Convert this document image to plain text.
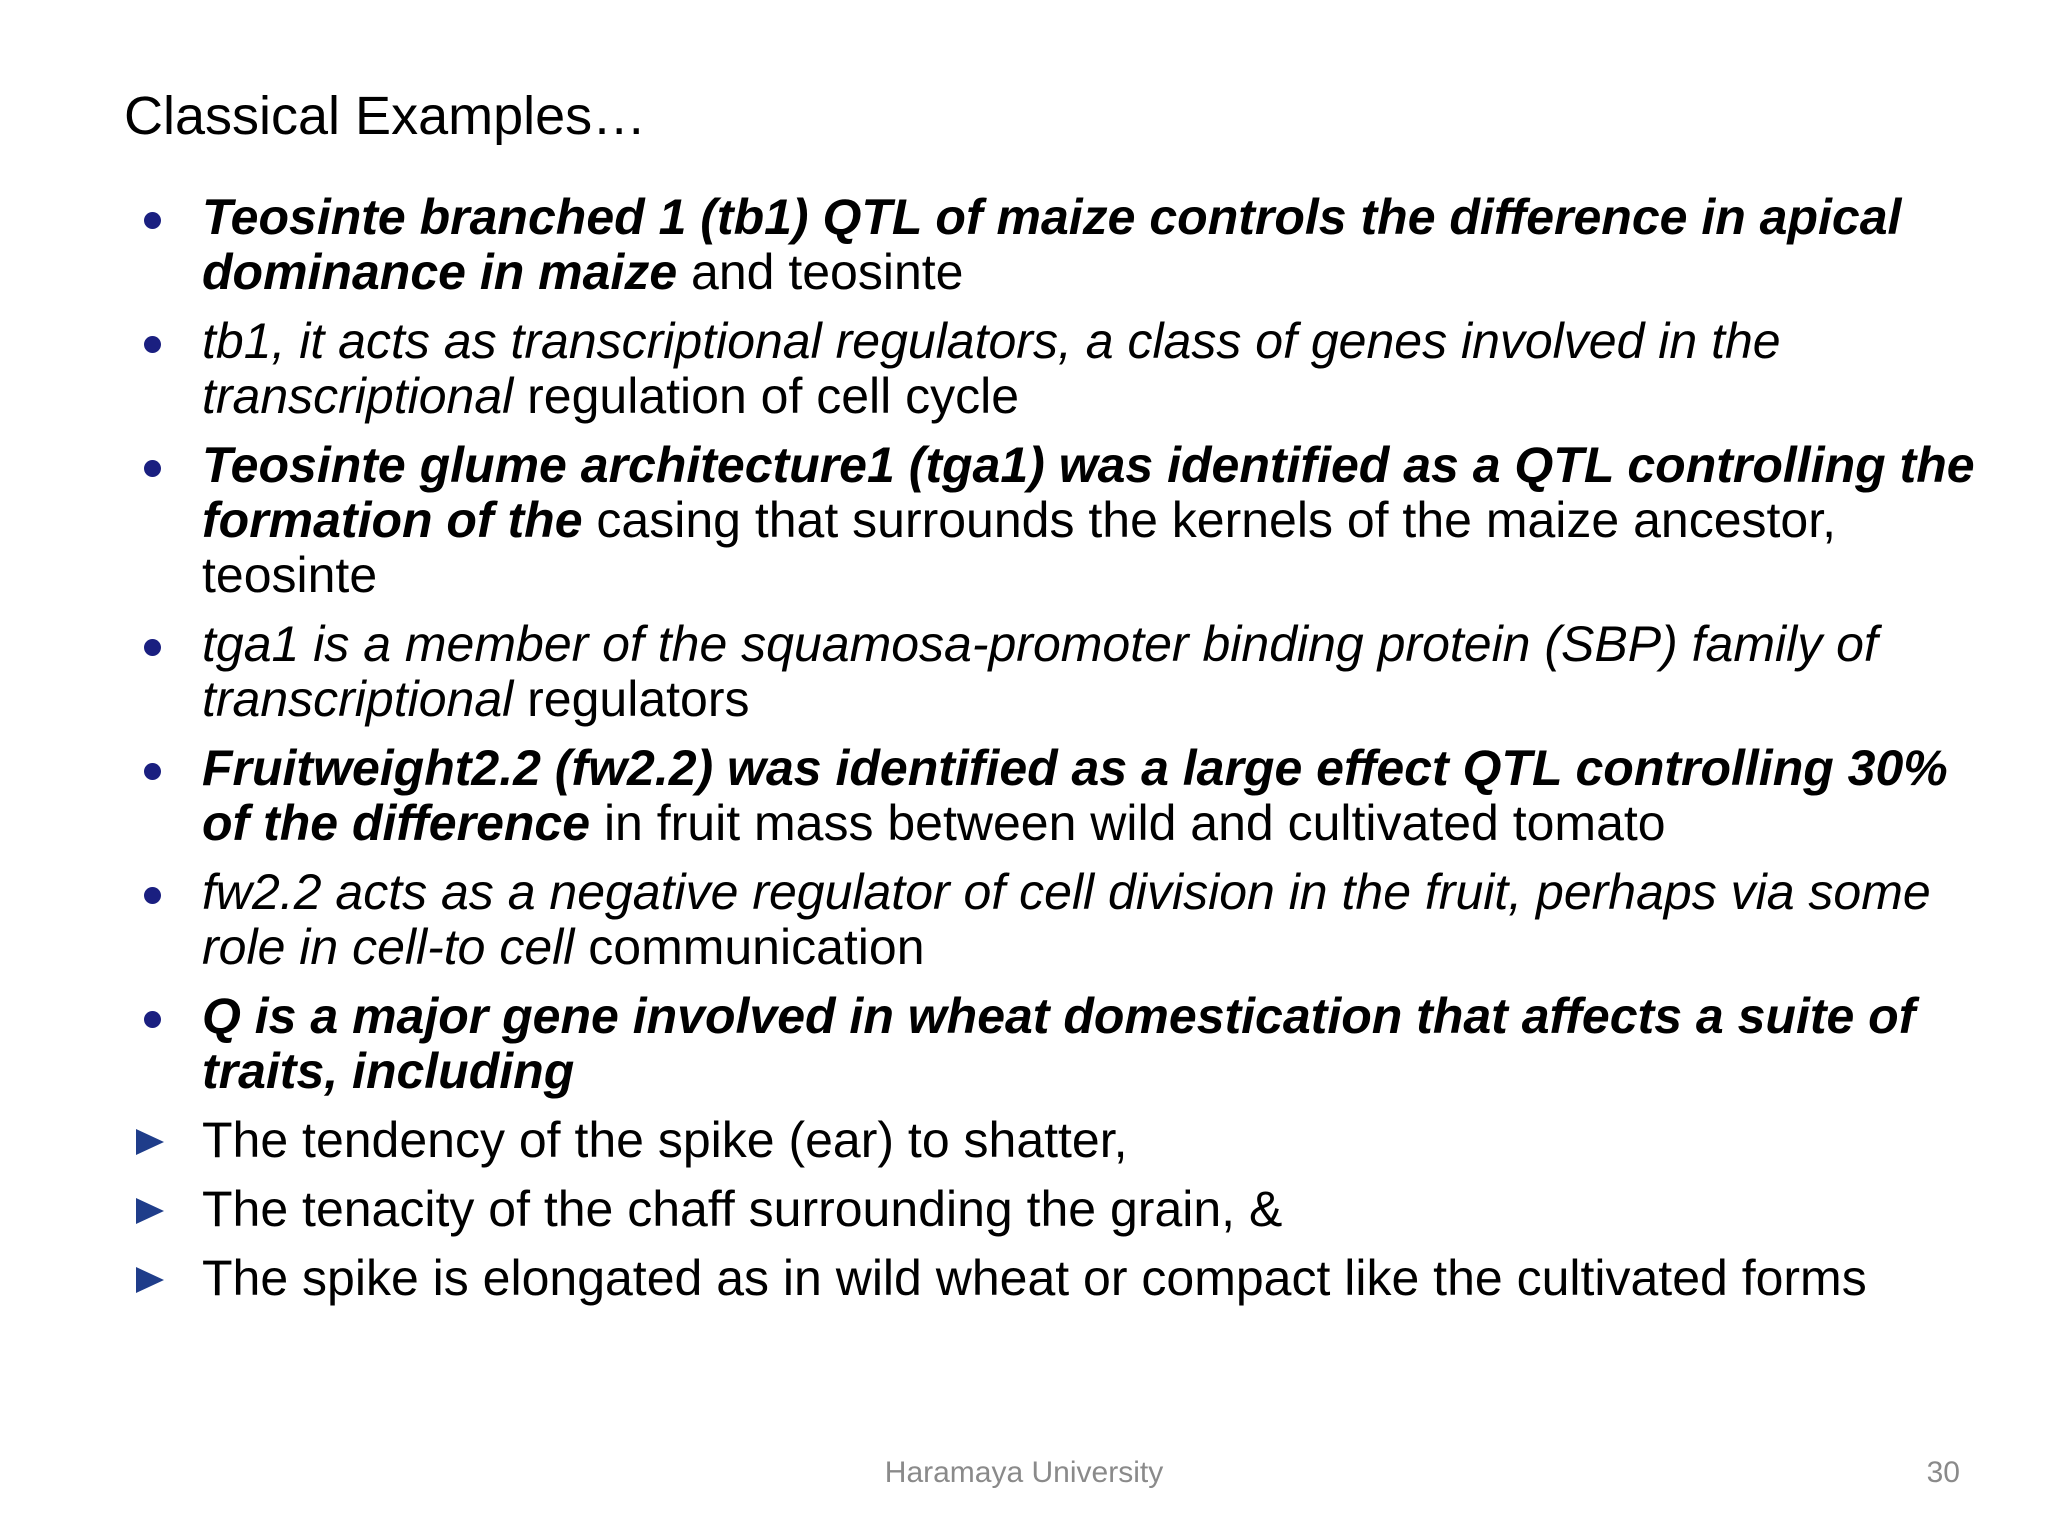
Classical Examples…
Teosinte branched 1 (tb1) QTL of maize controls the difference in apical dominance in maize and teosinte
tb1, it acts as transcriptional regulators, a class of genes involved in the transcriptional regulation of cell cycle
Teosinte glume architecture1 (tga1) was identified as a QTL controlling the formation of the casing that surrounds the kernels of the maize ancestor, teosinte
tga1 is a member of the squamosa-promoter binding protein (SBP) family of transcriptional regulators
Fruitweight2.2 (fw2.2) was identified as a large effect QTL controlling 30% of the difference in fruit mass between wild and cultivated tomato
fw2.2 acts as a negative regulator of cell division in the fruit, perhaps via some role in cell-to cell communication
Q is a major gene involved in wheat domestication that affects a suite of traits, including
The tendency of the spike (ear) to shatter,
The tenacity of the chaff surrounding the grain, &
The spike is elongated as in wild wheat or compact like the cultivated forms
Haramaya University	30
